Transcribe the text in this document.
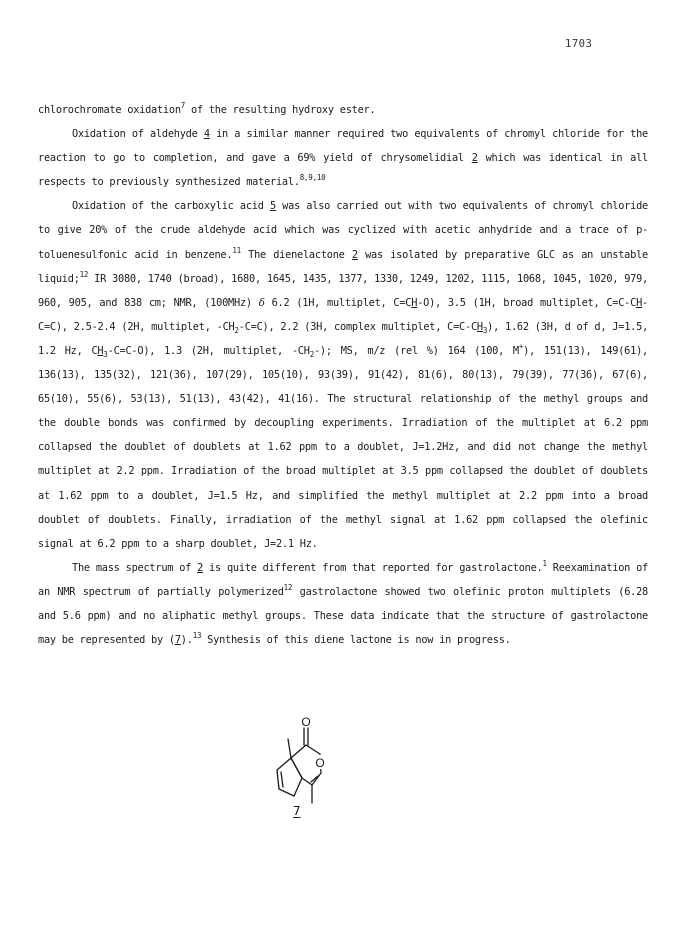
1703

chlorochromate oxidation$^7$ of the resulting hydroxy ester.

Oxidation of aldehyde 4 in a similar manner required two equivalents of chromyl chloride for the reaction to go to completion, and gave a 69% yield of chrysomelidial 2 which was identical in all respects to previously synthesized material.$^{8,9,10}$

Oxidation of the carboxylic acid 5 was also carried out with two equivalents of chromyl chloride to give 20% of the crude aldehyde acid which was cyclized with acetic anhydride and a trace of p-toluenesulfonic acid in benzene.$^{11}$ The dienelactone 2 was isolated by preparative GLC as an unstable liquid;$^{12}$ IR 3080, 1740 (broad), 1680, 1645, 1435, 1377, 1330, 1249, 1202, 1115, 1068, 1045, 1020, 979, 960, 905, and 838 cm; NMR, (100MHz) δ 6.2 (1H, multiplet, C=CH-O), 3.5 (1H, broad multiplet, C=C-CH-C=C), 2.5-2.4 (2H, multiplet, $-CH_2-C=C$), 2.2 (3H, complex multiplet, $C=C-CH_3$), 1.62 (3H, d of d, J=1.5, 1.2 Hz, $CH_3-C=C-O$), 1.3 (2H, multiplet, $-CH_2-$); MS, m/z (rel %) 164 (100, M+), 151(13), 149(61), 136(13), 135(32), 121(36), 107(29), 105(10), 93(39), 91(42), 81(6), 80(13), 79(39), 77(36), 67(6), 65(10), 55(6), 53(13), 51(13), 43(42), 41(16). The structural relationship of the methyl groups and the double bonds was confirmed by decoupling experiments. Irradiation of the multiplet at 6.2 ppm collapsed the doublet of doublets at 1.62 ppm to a doublet, J=1.2Hz, and did not change the methyl multiplet at 2.2 ppm. Irradiation of the broad multiplet at 3.5 ppm collapsed the doublet of doublets at 1.62 ppm to a doublet, J=1.5 Hz, and simplified the methyl multiplet at 2.2 ppm into a broad doublet of doublets. Finally, irradiation of the methyl signal at 1.62 ppm collapsed the olefinic signal at 6.2 ppm to a sharp doublet, J=2.1 Hz.

The mass spectrum of 2 is quite different from that reported for gastrolactone.$^1$ Reexamination of an NMR spectrum of partially polymerized$^{12}$ gastrolactone showed two olefinic proton multiplets (6.28 and 5.6 ppm) and no aliphatic methyl groups. These data indicate that the structure of gastrolactone may be represented by (7).$^{13}$ Synthesis of this diene lactone is now in progress.

O
O
7
